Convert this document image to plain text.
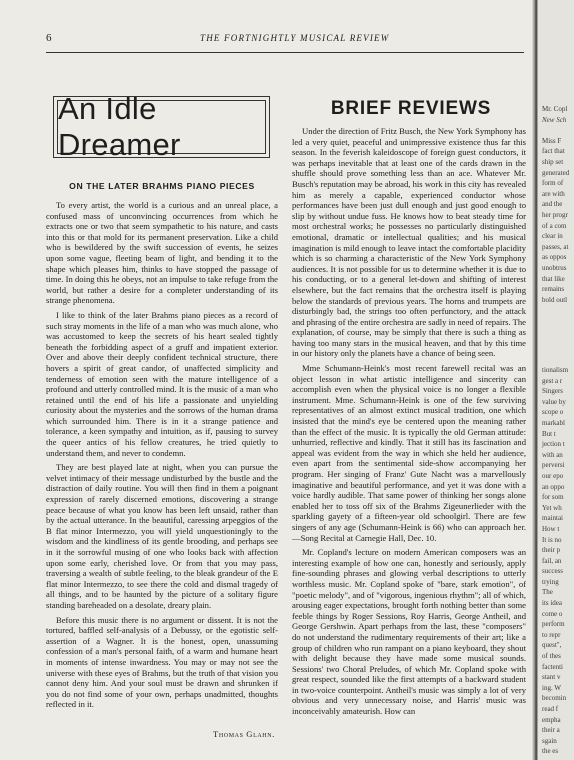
6	THE FORTNIGHTLY MUSICAL REVIEW
An Idle Dreamer
ON THE LATER BRAHMS PIANO PIECES

To every artist, the world is a curious and an unreal place, a confused mass of unconvincing occurrences from which he extracts one or two that seem sympathetic to his nature, and casts into this or that mold for its permanent preservation. Like a child who is bewildered by the swift succession of events, he seizes upon some vague, fleeting beam of light, and bending it to the shape which pleases him, thinks to have stopped the passage of time. In doing this he obeys, not an impulse to take refuge from the world, but rather a desire for a completer understanding of its strange phenomena.

I like to think of the later Brahms piano pieces as a record of such stray moments in the life of a man who was much alone, who was accustomed to keep the secrets of his heart sealed tightly beneath the forbidding aspect of a gruff and impatient exterior. Over and above their deeply confident technical structure, there hovers a spirit of great candor, of unaffected simplicity and tenderness of emotion seen with the mature intelligence of a profound and utterly controlled mind. It is the music of a man who retained until the end of his life a passionate and unyielding curiosity about the mysteries and the sorrows of the human drama which surrounded him. There is in it a strange patience and tolerance, a keen sympathy and intuition, as if, pausing to survey the queer antics of his fellow creatures, he tried quietly to understand them, and never to condemn.

They are best played late at night, when you can pursue the velvet intimacy of their message undisturbed by the bustle and the distraction of daily routine. You will then find in them a poignant expression of rarely discerned emotions, discovering a strange peace because of what you know has been left unsaid, rather than by the actual utterance. In the beautiful, caressing arpeggios of the B flat minor Intermezzo, you will yield unquestioningly to the wisdom and the kindliness of its gentle brooding, and perhaps see in it the sorrowful musing of one who looks back with affection upon some early, cherished love. Or from that you may pass, traversing a wealth of subtle feeling, to the bleak grandeur of the E flat minor Intermezzo, to see there the cold and dismal tragedy of all things, and to be haunted by the picture of a solitary figure standing bareheaded on a desolate, dreary plain.

Before this music there is no argument or dissent. It is not the tortured, baffled self-analysis of a Debussy, or the egotistic self-assertion of a Wagner. It is the honest, open, unassuming confession of a man's personal faith, of a warm and humane heart in moments of intense inwardness. You may or may not see the universe with these eyes of Brahms, but the truth of that vision you cannot deny him. And your soul must be drawn and shrunken if you do not find some of your own, perhaps unadmitted, thoughts reflected in it.

Thomas Glahn.
BRIEF REVIEWS

Under the direction of Fritz Busch, the New York Symphony has led a very quiet, peaceful and unimpressive existence thus far this season. In the feverish kaleidoscope of foreign guest conductors, it was perhaps inevitable that at least one of the cards drawn in the shuffle should prove something less than an ace. Whatever Mr. Busch's reputation may be abroad, his work in this city has revealed him as merely a capable, experienced conductor whose performances have been just dull enough and just good enough to slip by without undue fuss. He knows how to beat steady time for most orchestral works; he possesses no particularly distinguished emotional, dramatic or intellectual qualities; and his musical imagination is mild enough to leave intact the comfortable placidity which is so charming a characteristic of the New York Symphony audiences. It is not possible for us to determine whether it is due to his conducting, or to a general let-down and shifting of interest elsewhere, but the fact remains that the orchestra itself is playing below the standards of previous years. The horns and trumpets are disturbingly bad, the strings too often perfunctory, and the attack and phrasing of the entire orchestra are sadly in need of repairs. The explanation, of course, may be simply that there is such a thing as having too many stars in the musical heaven, and that by this time in our history only the planets have a chance of being seen.

Mme Schumann-Heink's most recent farewell recital was an object lesson in what artistic intelligence and sincerity can accomplish even when the physical voice is no longer a flexible instrument. Mme. Schumann-Heink is one of the few surviving representatives of an almost extinct musical tradition, one which insisted that the mind's eye be centered upon the meaning rather than the effect of the music. It is typically the old German attitude: unhurried, reflective and kindly. That it still has its fascination and appeal was evident from the way in which she held her audience, even apart from the sentimental side-show accompanying her program. Her singing of Franz' Gute Nacht was a marvellously imaginative and beautiful performance, and yet it was done with a voice hardly audible. That same power of thinking her songs alone enabled her to toss off six of the Brahms Zigeunerlieder with the sparkling gayety of a fifteen-year old schoolgirl. There are few singers of any age (Schumann-Heink is 66) who can approach her.—Song Recital at Carnegie Hall, Dec. 10.

Mr. Copland's lecture on modern American composers was an interesting example of how one can, honestly and seriously, apply fine-sounding phrases and glowing verbal descriptions to utterly worthless music. Mr. Copland spoke of "bare, stark emotion", of "poetic melody", and of "vigorous, ingenious rhythm"; all of which, arousing eager expectations, brought forth nothing better than some feeble things by Roger Sessions, Roy Harris, George Antheil, and George Gershwin. Apart perhaps from the last, these "composers" do not understand the rudimentary requirements of their art; like a group of children who run rampant on a piano keyboard, they shout with delight because they have made some musical sounds. Sessions' two Choral Preludes, of which Mr. Copland spoke with great respect, sounded like the first attempts of a backward student in two-voice counterpoint. Antheil's music was simply a lot of very obvious and very unnecessary noise, and Harris' music was inconceivably amateurish. How can

Mr. Copl
New Sch

Miss F
fact that
ship set
generated
form of
are with
and the
her progr
of a com
clear in
passes, at
as oppos
unobtrus
that like
remains
bold outl
tionalism
gest a r
Singers
value by
scope o
markabl
But t
jection t
with an
perversi
our epo
an oppo
for som
Yet wh
maintai
How t
It is no
their p
fail, an
success
trying
The
its idea
come o
perform
to repr
quest",
of thes
factenti
stant v
ing. W
becomin
read f
empha
their a
sgain
the es
